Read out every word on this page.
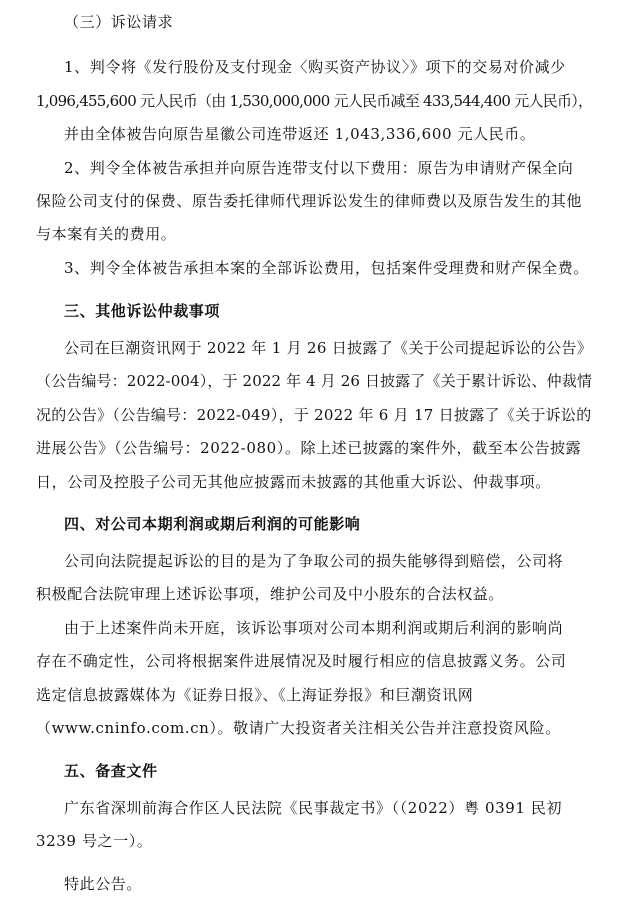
（三）诉讼请求
1、判令将《发行股份及支付现金〈购买资产协议〉》项下的交易对价减少
1,096,455,600 元人民币（由 1,530,000,000 元人民币减至 433,544,400 元人民币），
并由全体被告向原告星徽公司连带返还 1,043,336,600 元人民币。
2、判令全体被告承担并向原告连带支付以下费用：原告为申请财产保全向
保险公司支付的保费、原告委托律师代理诉讼发生的律师费以及原告发生的其他
与本案有关的费用。
3、判令全体被告承担本案的全部诉讼费用，包括案件受理费和财产保全费。
三、其他诉讼仲裁事项
公司在巨潮资讯网于 2022 年 1 月 26 日披露了《关于公司提起诉讼的公告》
（公告编号：2022-004），于 2022 年 4 月 26 日披露了《关于累计诉讼、仲裁情
况的公告》（公告编号：2022-049），于 2022 年 6 月 17 日披露了《关于诉讼的
进展公告》（公告编号：2022-080）。除上述已披露的案件外，截至本公告披露
日，公司及控股子公司无其他应披露而未披露的其他重大诉讼、仲裁事项。
四、对公司本期利润或期后利润的可能影响
公司向法院提起诉讼的目的是为了争取公司的损失能够得到赔偿，公司将
积极配合法院审理上述诉讼事项，维护公司及中小股东的合法权益。
由于上述案件尚未开庭，该诉讼事项对公司本期利润或期后利润的影响尚
存在不确定性，公司将根据案件进展情况及时履行相应的信息披露义务。公司
选定信息披露媒体为《证券日报》、《上海证券报》和巨潮资讯网
（www.cninfo.com.cn）。敬请广大投资者关注相关公告并注意投资风险。
五、备查文件
广东省深圳前海合作区人民法院《民事裁定书》（（2022）粤 0391 民初
3239 号之一）。
特此公告。
